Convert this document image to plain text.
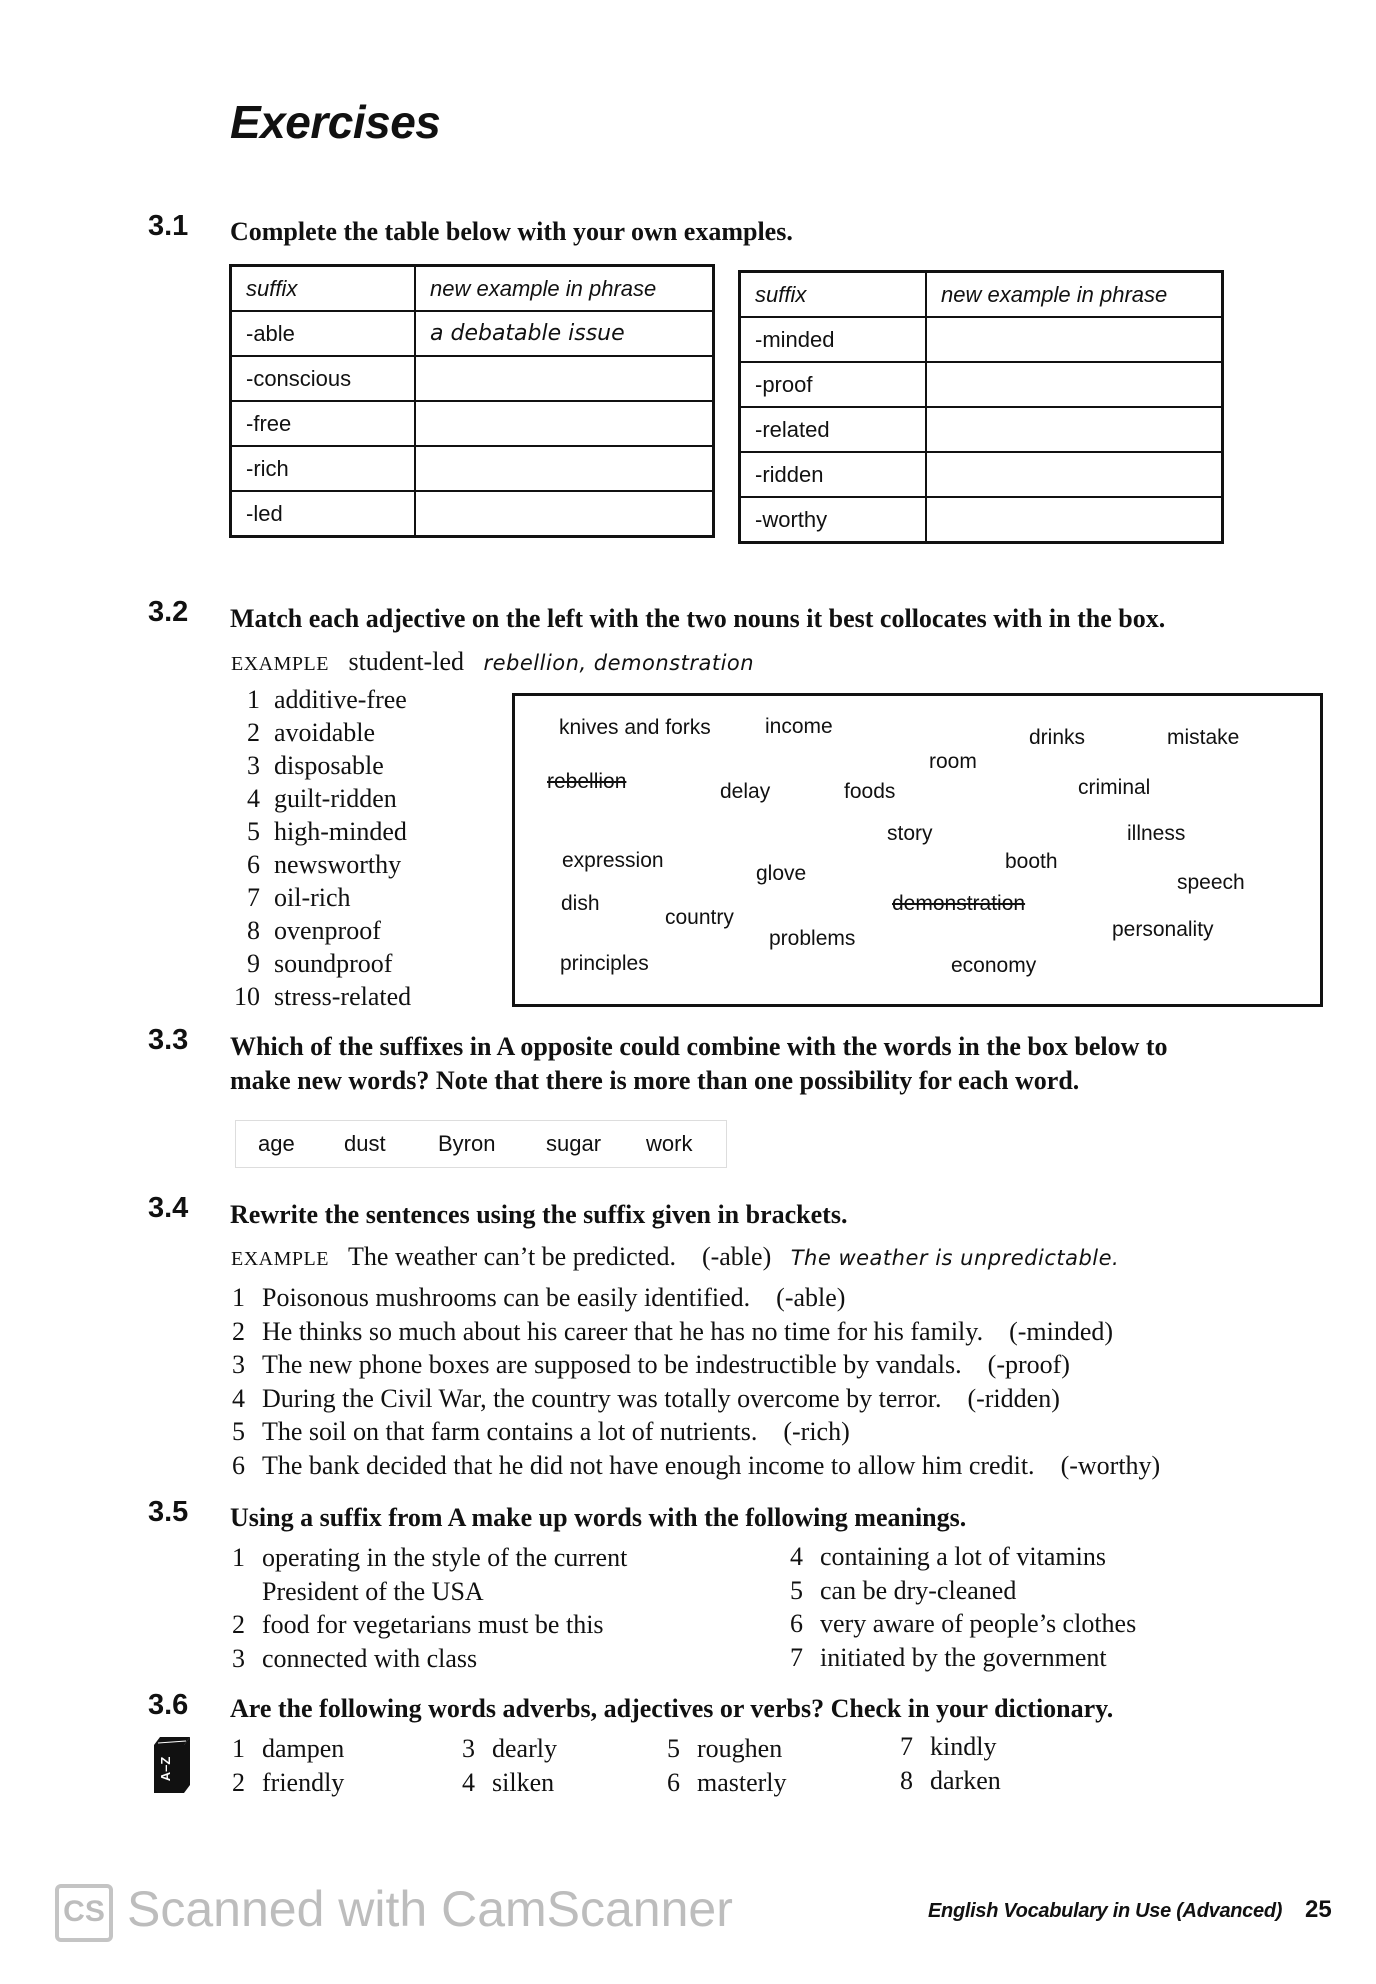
Exercises
3.1 Complete the table below with your own examples.
suffix	new example in phrase
-able	a debatable issue
-conscious	
-free	
-rich	
-led	
suffix	new example in phrase
-minded	
-proof	
-related	
-ridden	
-worthy	
3.2 Match each adjective on the left with the two nouns it best collocates with in the box.
EXAMPLE student-led rebellion, demonstration
1 additive-free
2 avoidable
3 disposable
4 guilt-ridden
5 high-minded
6 newsworthy
7 oil-rich
8 ovenproof
9 soundproof
10 stress-related
knives and forks	income	drinks	mistake
room
rebellion	delay	foods	criminal
story	illness
expression	booth
glove	speech
dish	demonstration
country
personality
problems
principles	economy
3.3 Which of the suffixes in A opposite could combine with the words in the box below to
make new words? Note that there is more than one possibility for each word.
age dust Byron sugar work
3.4 Rewrite the sentences using the suffix given in brackets.
EXAMPLE The weather can’t be predicted. (-able) The weather is unpredictable.
1 Poisonous mushrooms can be easily identified. (-able)
2 He thinks so much about his career that he has no time for his family. (-minded)
3 The new phone boxes are supposed to be indestructible by vandals. (-proof)
4 During the Civil War, the country was totally overcome by terror. (-ridden)
5 The soil on that farm contains a lot of nutrients. (-rich)
6 The bank decided that he did not have enough income to allow him credit. (-worthy)
3.5 Using a suffix from A make up words with the following meanings.
1 operating in the style of the current
President of the USA
2 food for vegetarians must be this
3 connected with class
4 containing a lot of vitamins
5 can be dry-cleaned
6 very aware of people’s clothes
7 initiated by the government
3.6 Are the following words adverbs, adjectives or verbs? Check in your dictionary.
A–Z
1 dampen
2 friendly
3 dearly
4 silken
5 roughen
6 masterly
7 kindly
8 darken
CS Scanned with CamScanner	English Vocabulary in Use (Advanced) 25
